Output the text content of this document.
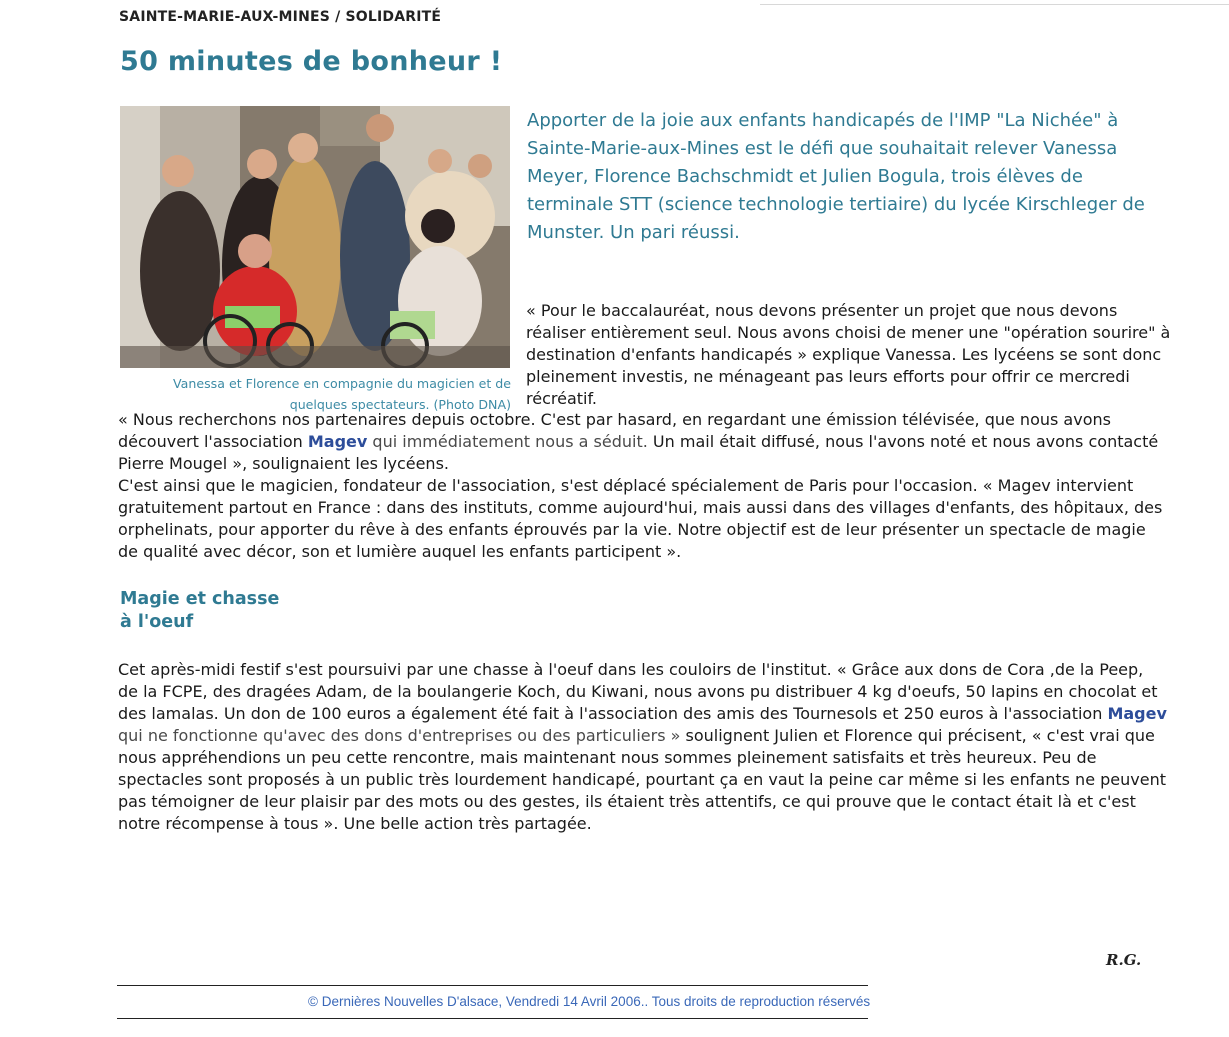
SAINTE-MARIE-AUX-MINES / SOLIDARITÉ
50 minutes de bonheur !
Vanessa et Florence en compagnie du magicien et de quelques spectateurs. (Photo DNA)
Apporter de la joie aux enfants handicapés de l'IMP "La Nichée" à Sainte-Marie-aux-Mines est le défi que souhaitait relever Vanessa Meyer, Florence Bachschmidt et Julien Bogula, trois élèves de terminale STT (science technologie tertiaire) du lycée Kirschleger de Munster. Un pari réussi.
« Pour le baccalauréat, nous devons présenter un projet que nous devons réaliser entièrement seul. Nous avons choisi de mener une "opération sourire" à destination d'enfants handicapés » explique Vanessa. Les lycéens se sont donc pleinement investis, ne ménageant pas leurs efforts pour offrir ce mercredi récréatif.
« Nous recherchons nos partenaires depuis octobre. C'est par hasard, en regardant une émission télévisée, que nous avons découvert l'association Magev qui immédiatement nous a séduit. Un mail était diffusé, nous l'avons noté et nous avons contacté Pierre Mougel », soulignaient les lycéens.
C'est ainsi que le magicien, fondateur de l'association, s'est déplacé spécialement de Paris pour l'occasion. « Magev intervient gratuitement partout en France : dans des instituts, comme aujourd'hui, mais aussi dans des villages d'enfants, des hôpitaux, des orphelinats, pour apporter du rêve à des enfants éprouvés par la vie. Notre objectif est de leur présenter un spectacle de magie de qualité avec décor, son et lumière auquel les enfants participent ».
Magie et chasse
à l'oeuf
Cet après-midi festif s'est poursuivi par une chasse à l'oeuf dans les couloirs de l'institut. « Grâce aux dons de Cora ,de la Peep, de la FCPE, des dragées Adam, de la boulangerie Koch, du Kiwani, nous avons pu distribuer 4 kg d'oeufs, 50 lapins en chocolat et des lamalas. Un don de 100 euros a également été fait à l'association des amis des Tournesols et 250 euros à l'association Magev qui ne fonctionne qu'avec des dons d'entreprises ou des particuliers » soulignent Julien et Florence qui précisent, « c'est vrai que nous appréhendions un peu cette rencontre, mais maintenant nous sommes pleinement satisfaits et très heureux. Peu de spectacles sont proposés à un public très lourdement handicapé, pourtant ça en vaut la peine car même si les enfants ne peuvent pas témoigner de leur plaisir par des mots ou des gestes, ils étaient très attentifs, ce qui prouve que le contact était là et c'est notre récompense à tous ». Une belle action très partagée.
R.G.
© Dernières Nouvelles D'alsace, Vendredi 14 Avril 2006.. Tous droits de reproduction réservés
